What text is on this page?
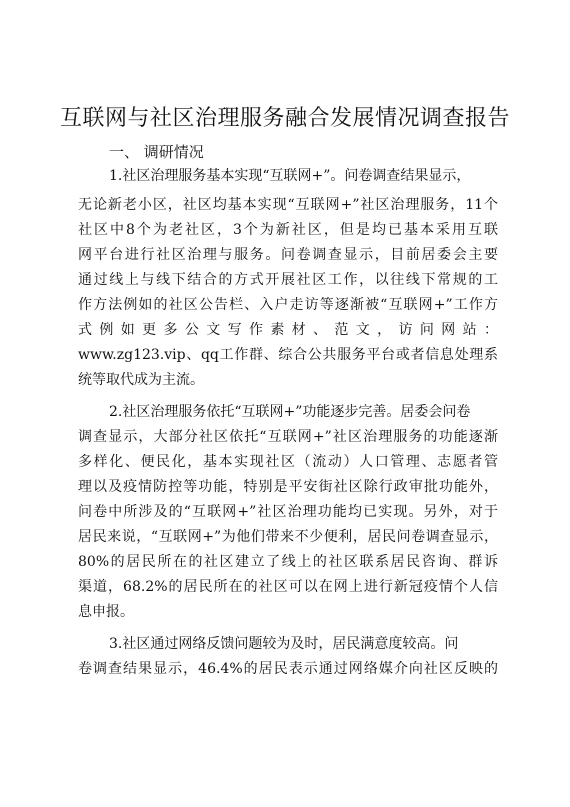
互联网与社区治理服务融合发展情况调查报告
一、 调研情况
1.社区治理服务基本实现“互联网+”。问卷调查结果显示，
无论新老小区，社区均基本实现“互联网+”社区治理服务，11个
社区中8个为老社区，3个为新社区，但是均已基本采用互联
网平台进行社区治理与服务。问卷调查显示，目前居委会主要
通过线上与线下结合的方式开展社区工作，以往线下常规的工
作方法例如的社区公告栏、入户走访等逐渐被“互联网+”工作方
式例如更多公文写作素材、范文，访问网站：
www.zg123.vip、qq工作群、综合公共服务平台或者信息处理系
统等取代成为主流。
2.社区治理服务依托“互联网+”功能逐步完善。居委会问卷
调查显示，大部分社区依托“互联网+”社区治理服务的功能逐渐
多样化、便民化，基本实现社区（流动）人口管理、志愿者管
理以及疫情防控等功能，特别是平安街社区除行政审批功能外，
问卷中所涉及的“互联网+”社区治理功能均已实现。另外，对于
居民来说，“互联网+”为他们带来不少便利，居民问卷调查显示，
80%的居民所在的社区建立了线上的社区联系居民咨询、群诉
渠道，68.2%的居民所在的社区可以在网上进行新冠疫情个人信
息申报。
3.社区通过网络反馈问题较为及时，居民满意度较高。问
卷调查结果显示，46.4%的居民表示通过网络媒介向社区反映的
